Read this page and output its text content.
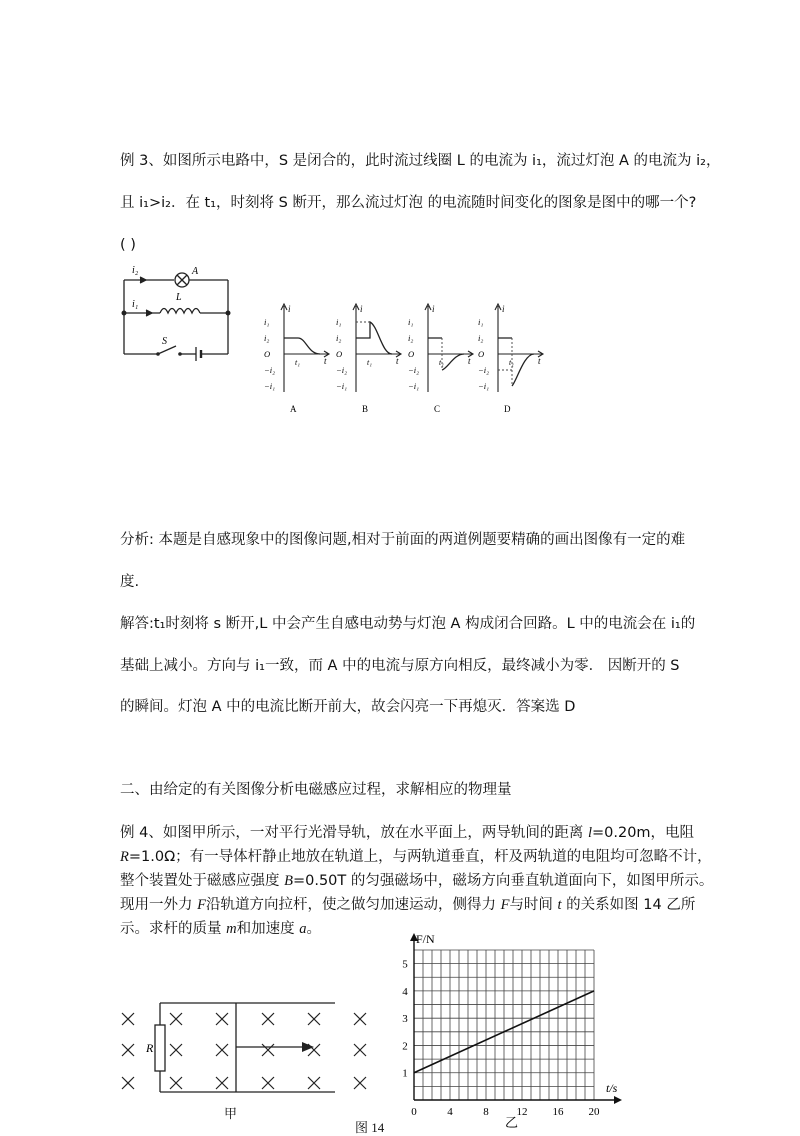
例 3、如图所示电路中，S 是闭合的，此时流过线圈 L 的电流为 i₁，流过灯泡 A 的电流为 i₂，
且 i₁>i₂．在 t₁，时刻将 S 断开，那么流过灯泡 的电流随时间变化的图象是图中的哪一个?
( )
i₂	A
i₁
L
S
i
t
i₁
i₂
O
−i₂
−i₁
t₁
A
i
t
i₁
i₂
O
−i₂
−i₁
t₁
B
i
t
i₁
i₂
O
−i₂
−i₁
t₁
C
i
t
i₁
i₂
O
−i₂
−i₁
t₁
D
分析: 本题是自感现象中的图像问题,相对于前面的两道例题要精确的画出图像有一定的难
度.
解答:t₁时刻将 s 断开,L 中会产生自感电动势与灯泡 A 构成闭合回路。L 中的电流会在 i₁的
基础上减小。方向与 i₁一致，而 A 中的电流与原方向相反，最终减小为零． 因断开的 S
的瞬间。灯泡 A 中的电流比断开前大，故会闪亮一下再熄灭．答案选 D
二、由给定的有关图像分析电磁感应过程，求解相应的物理量
例 4、如图甲所示，一对平行光滑导轨，放在水平面上，两导轨间的距离 l=0.20m，电阻
R=1.0Ω；有一导体杆静止地放在轨道上，与两轨道垂直，杆及两轨道的电阻均可忽略不计，
整个装置处于磁感应强度 B=0.50T 的匀强磁场中，磁场方向垂直轨道面向下，如图甲所示。
现用一外力 F沿轨道方向拉杆，使之做匀加速运动，侧得力 F与时间 t 的关系如图 14 乙所
示。求杆的质量 m和加速度 a。
R
甲
图 14
F/N
t/s
0	4	8	12 16 20
1
2
3
4
5
乙
